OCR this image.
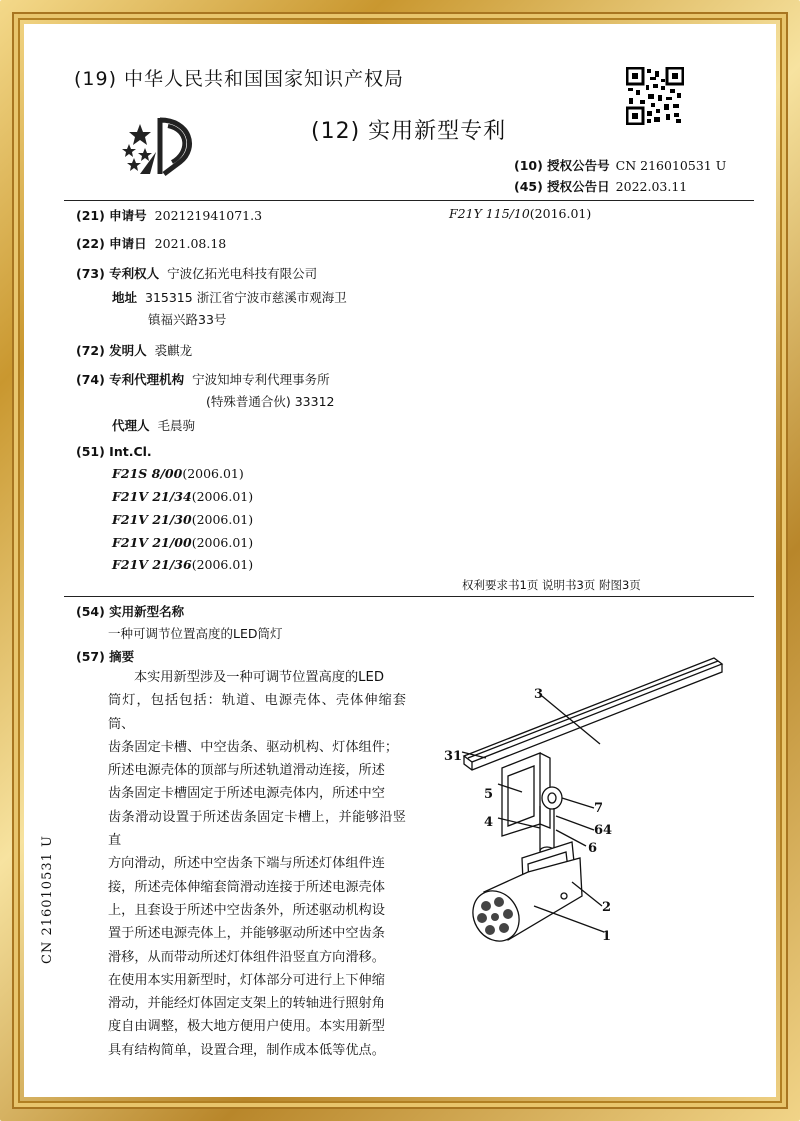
(19) 中华人民共和国国家知识产权局
(12) 实用新型专利
(10) 授权公告号 CN 216010531 U
(45) 授权公告日 2022.03.11
(21) 申请号 202121941071.3	F21Y 115/10(2016.01)
(22) 申请日 2021.08.18
(73) 专利权人 宁波亿拓光电科技有限公司
地址 315315 浙江省宁波市慈溪市观海卫
镇福兴路33号
(72) 发明人 裘麒龙
(74) 专利代理机构 宁波知坤专利代理事务所
(特殊普通合伙) 33312
代理人 毛晨驹
(51) Int.Cl.
F21S 8/00(2006.01)
F21V 21/34(2006.01)
F21V 21/30(2006.01)
F21V 21/00(2006.01)
F21V 21/36(2006.01)
权利要求书1页 说明书3页 附图3页
(54) 实用新型名称
一种可调节位置高度的LED筒灯
(57) 摘要
本实用新型涉及一种可调节位置高度的LED
筒灯，包括包括：轨道、电源壳体、壳体伸缩套筒、
齿条固定卡槽、中空齿条、驱动机构、灯体组件；
所述电源壳体的顶部与所述轨道滑动连接，所述
齿条固定卡槽固定于所述电源壳体内，所述中空
齿条滑动设置于所述齿条固定卡槽上，并能够沿竖直
方向滑动，所述中空齿条下端与所述灯体组件连
接，所述壳体伸缩套筒滑动连接于所述电源壳体
上，且套设于所述中空齿条外，所述驱动机构设
置于所述电源壳体上，并能够驱动所述中空齿条
滑移，从而带动所述灯体组件沿竖直方向滑移。
在使用本实用新型时，灯体部分可进行上下伸缩
滑动，并能经灯体固定支架上的转轴进行照射角
度自由调整，极大地方便用户使用。本实用新型
具有结构简单，设置合理，制作成本低等优点。
3
31
5
7
4
64
6
2
1
CN 216010531 U
